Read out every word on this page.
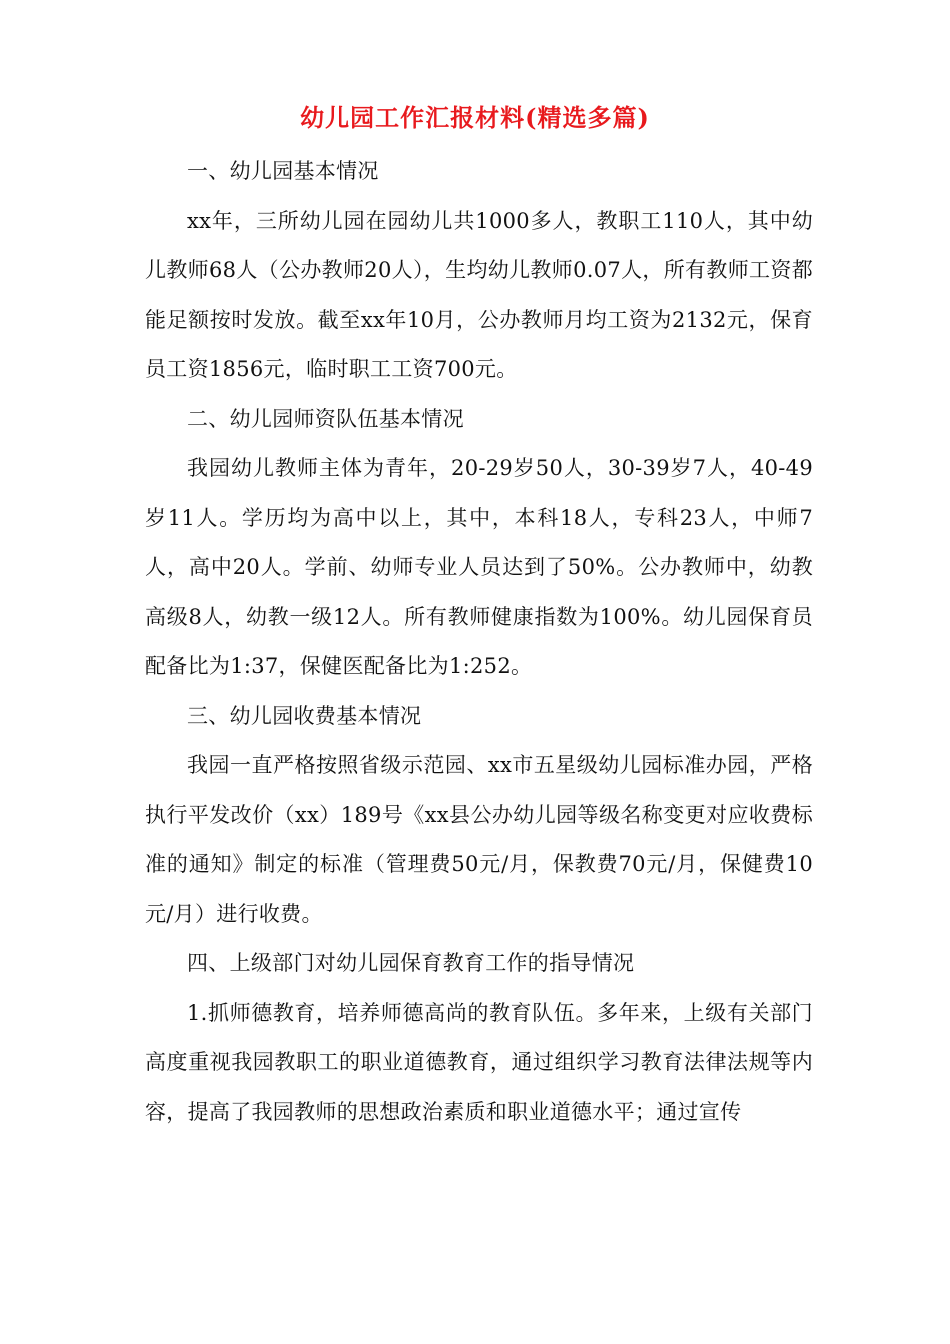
幼儿园工作汇报材料(精选多篇)

一、幼儿园基本情况

xx年，三所幼儿园在园幼儿共1000多人，教职工110人，其中幼儿教师68人（公办教师20人），生均幼儿教师0.07人，所有教师工资都能足额按时发放。截至xx年10月，公办教师月均工资为2132元，保育员工资1856元，临时职工工资700元。

二、幼儿园师资队伍基本情况

我园幼儿教师主体为青年，20-29岁50人，30-39岁7人，40-49岁11人。学历均为高中以上，其中，本科18人，专科23人，中师7人，高中20人。学前、幼师专业人员达到了50%。公办教师中，幼教高级8人，幼教一级12人。所有教师健康指数为100%。幼儿园保育员配备比为1:37，保健医配备比为1:252。

三、幼儿园收费基本情况

我园一直严格按照省级示范园、xx市五星级幼儿园标准办园，严格执行平发改价（xx）189号《xx县公办幼儿园等级名称变更对应收费标准的通知》制定的标准（管理费50元/月，保教费70元/月，保健费10元/月）进行收费。

四、上级部门对幼儿园保育教育工作的指导情况

1.抓师德教育，培养师德高尚的教育队伍。多年来，上级有关部门高度重视我园教职工的职业道德教育，通过组织学习教育法律法规等内容，提高了我园教师的思想政治素质和职业道德水平；通过宣传
